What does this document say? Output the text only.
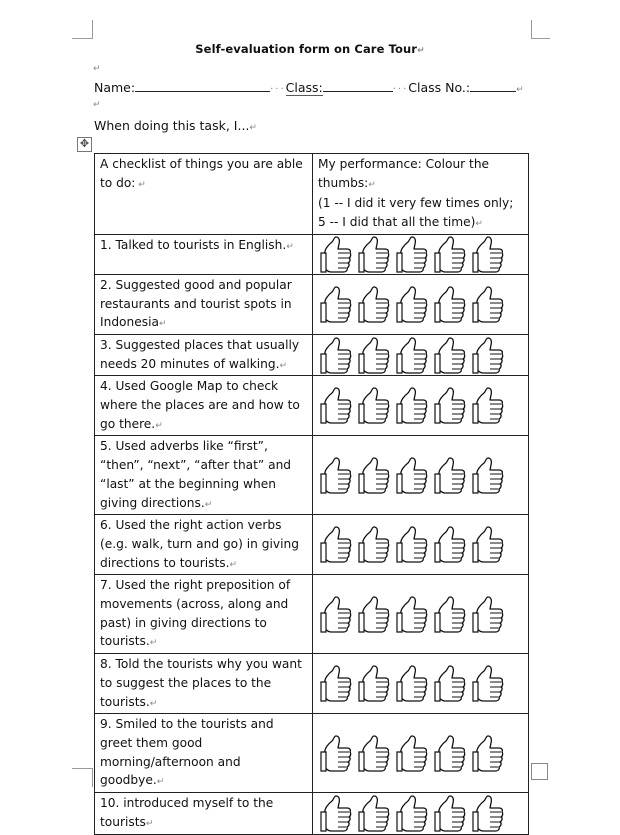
Self-evaluation form on Care Tour↵
↵
Name:	···Class:	···Class No.:	↵
↵
When doing this task, I...↵
✥
A checklist of things you are able to do: ↵	My performance: Colour the thumbs:↵
(1 -- I did it very few times only; 5 -- I did that all the time)↵
1. Talked to tourists in English.↵	

2. Suggested good and popular restaurants and tourist spots in Indonesia↵	

3. Suggested places that usually needs 20 minutes of walking.↵	

4. Used Google Map to check where the places are and how to go there.↵	

5. Used adverbs like “first”, “then”, “next”, “after that” and “last” at the beginning when giving directions.↵	

6. Used the right action verbs (e.g. walk, turn and go) in giving directions to tourists.↵	

7. Used the right preposition of movements (across, along and past) in giving directions to tourists.↵	

8. Told the tourists why you want to suggest the places to the tourists.↵	

9. Smiled to the tourists and greet them good morning/afternoon and goodbye.↵	

10. introduced myself to the tourists↵	
